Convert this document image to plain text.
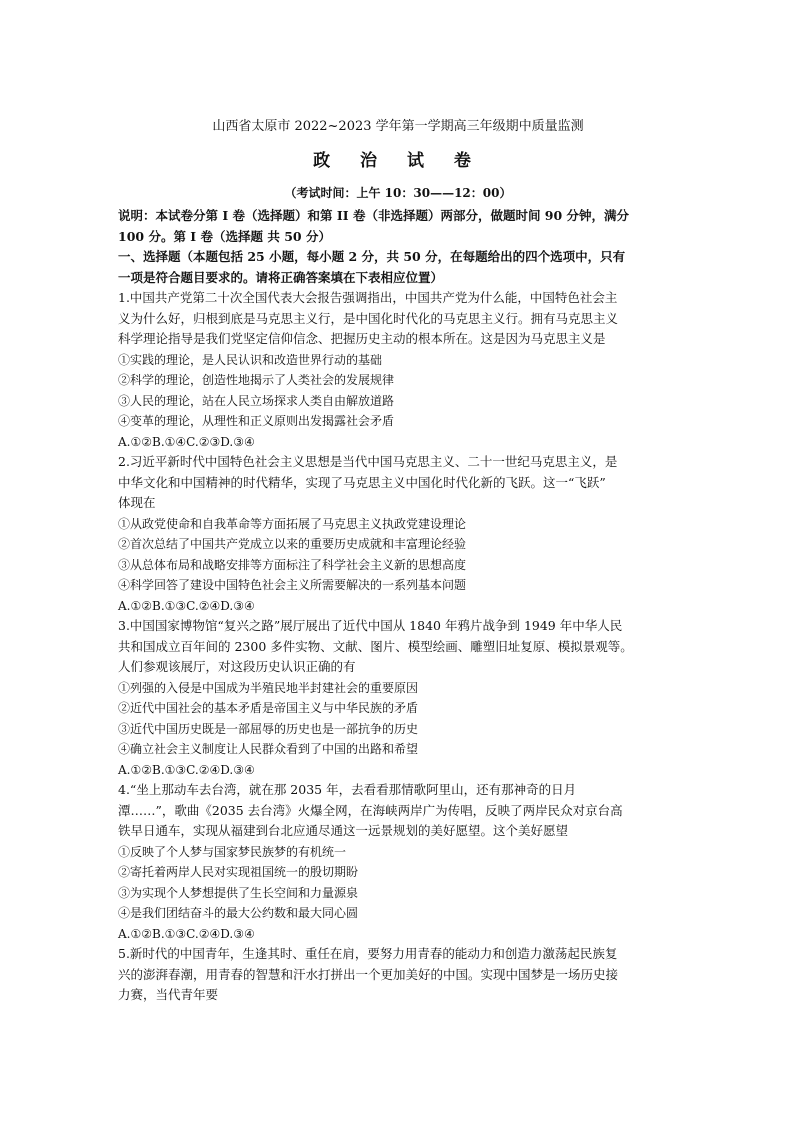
山西省太原市 2022~2023 学年第一学期高三年级期中质量监测
政 治 试 卷
（考试时间：上午 10：30——12：00）

说明：本试卷分第 I 卷（选择题）和第 II 卷（非选择题）两部分，做题时间 90 分钟，满分

100 分。第 I 卷（选择题 共 50 分）

一、选择题（本题包括 25 小题，每小题 2 分，共 50 分，在每题给出的四个选项中，只有

一项是符合题目要求的。请将正确答案填在下表相应位置）

1.中国共产党第二十次全国代表大会报告强调指出，中国共产党为什么能，中国特色社会主

义为什么好，归根到底是马克思主义行，是中国化时代化的马克思主义行。拥有马克思主义

科学理论指导是我们党坚定信仰信念、把握历史主动的根本所在。这是因为马克思主义是

①实践的理论，是人民认识和改造世界行动的基础

②科学的理论，创造性地揭示了人类社会的发展规律

③人民的理论，站在人民立场探求人类自由解放道路

④变革的理论，从理性和正义原则出发揭露社会矛盾

A.①②B.①④C.②③D.③④

2.习近平新时代中国特色社会主义思想是当代中国马克思主义、二十一世纪马克思主义，是

中华文化和中国精神的时代精华，实现了马克思主义中国化时代化新的飞跃。这一“飞跃”

体现在

①从政党使命和自我革命等方面拓展了马克思主义执政党建设理论

②首次总结了中国共产党成立以来的重要历史成就和丰富理论经验

③从总体布局和战略安排等方面标注了科学社会主义新的思想高度

④科学回答了建设中国特色社会主义所需要解决的一系列基本问题

A.①②B.①③C.②④D.③④

3.中国国家博物馆“复兴之路”展厅展出了近代中国从 1840 年鸦片战争到 1949 年中华人民

共和国成立百年间的 2300 多件实物、文献、图片、模型绘画、雕塑旧址复原、模拟景观等。

人们参观该展厅，对这段历史认识正确的有

①列强的入侵是中国成为半殖民地半封建社会的重要原因

②近代中国社会的基本矛盾是帝国主义与中华民族的矛盾

③近代中国历史既是一部屈辱的历史也是一部抗争的历史

④确立社会主义制度让人民群众看到了中国的出路和希望

A.①②B.①③C.②④D.③④

4.“坐上那动车去台湾，就在那 2035 年，去看看那情歌阿里山，还有那神奇的日月

潭……”，歌曲《2035 去台湾》火爆全网，在海峡两岸广为传唱，反映了两岸民众对京台高

铁早日通车，实现从福建到台北应通尽通这一远景规划的美好愿望。这个美好愿望

①反映了个人梦与国家梦民族梦的有机统一

②寄托着两岸人民对实现祖国统一的殷切期盼

③为实现个人梦想提供了生长空间和力量源泉

④是我们团结奋斗的最大公约数和最大同心圆

A.①②B.①③C.②④D.③④

5.新时代的中国青年，生逢其时、重任在肩，要努力用青春的能动力和创造力激荡起民族复

兴的澎湃春潮，用青春的智慧和汗水打拼出一个更加美好的中国。实现中国梦是一场历史接

力赛，当代青年要
